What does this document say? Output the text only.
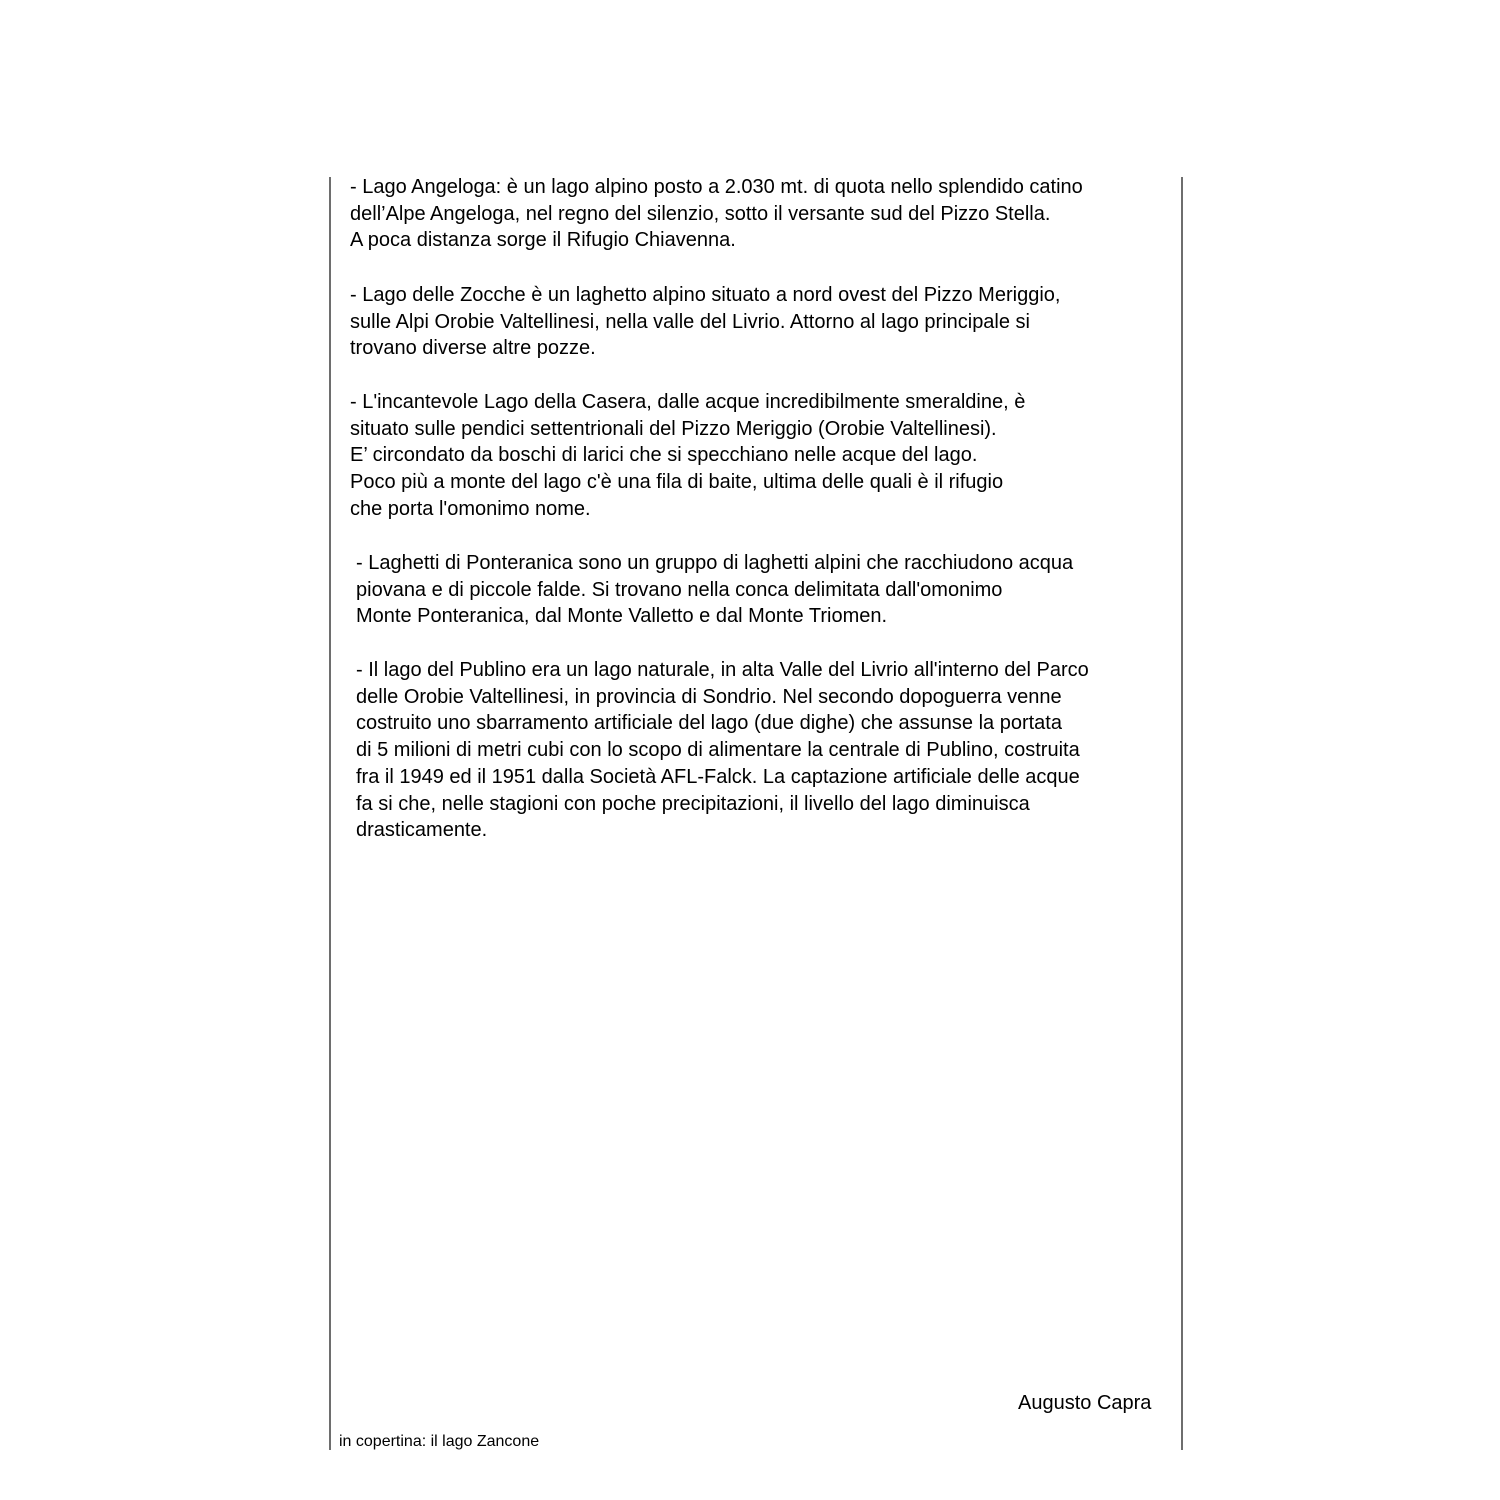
- Lago Angeloga: è un lago alpino posto a 2.030 mt. di quota nello splendido catino
dell’Alpe Angeloga, nel regno del silenzio, sotto il versante sud del Pizzo Stella.
A poca distanza sorge il Rifugio Chiavenna.
- Lago delle Zocche è un laghetto alpino situato a nord ovest del Pizzo Meriggio,
sulle Alpi Orobie Valtellinesi, nella valle del Livrio. Attorno al lago principale si
trovano diverse altre pozze.
- L'incantevole Lago della Casera, dalle acque incredibilmente smeraldine, è
situato sulle pendici settentrionali del Pizzo Meriggio (Orobie Valtellinesi).
E’ circondato da boschi di larici che si specchiano nelle acque del lago.
Poco più a monte del lago c'è una fila di baite, ultima delle quali è il rifugio
che porta l'omonimo nome.
- Laghetti di Ponteranica sono un gruppo di laghetti alpini che racchiudono acqua
piovana e di piccole falde. Si trovano nella conca delimitata dall'omonimo
Monte Ponteranica, dal Monte Valletto e dal Monte Triomen.
- Il lago del Publino era un lago naturale, in alta Valle del Livrio all'interno del Parco
delle Orobie Valtellinesi, in provincia di Sondrio. Nel secondo dopoguerra venne
costruito uno sbarramento artificiale del lago (due dighe) che assunse la portata
di 5 milioni di metri cubi con lo scopo di alimentare la centrale di Publino, costruita
fra il 1949 ed il 1951 dalla Società AFL-Falck. La captazione artificiale delle acque
fa si che, nelle stagioni con poche precipitazioni, il livello del lago diminuisca
drasticamente.
Augusto Capra
in copertina: il lago Zancone
